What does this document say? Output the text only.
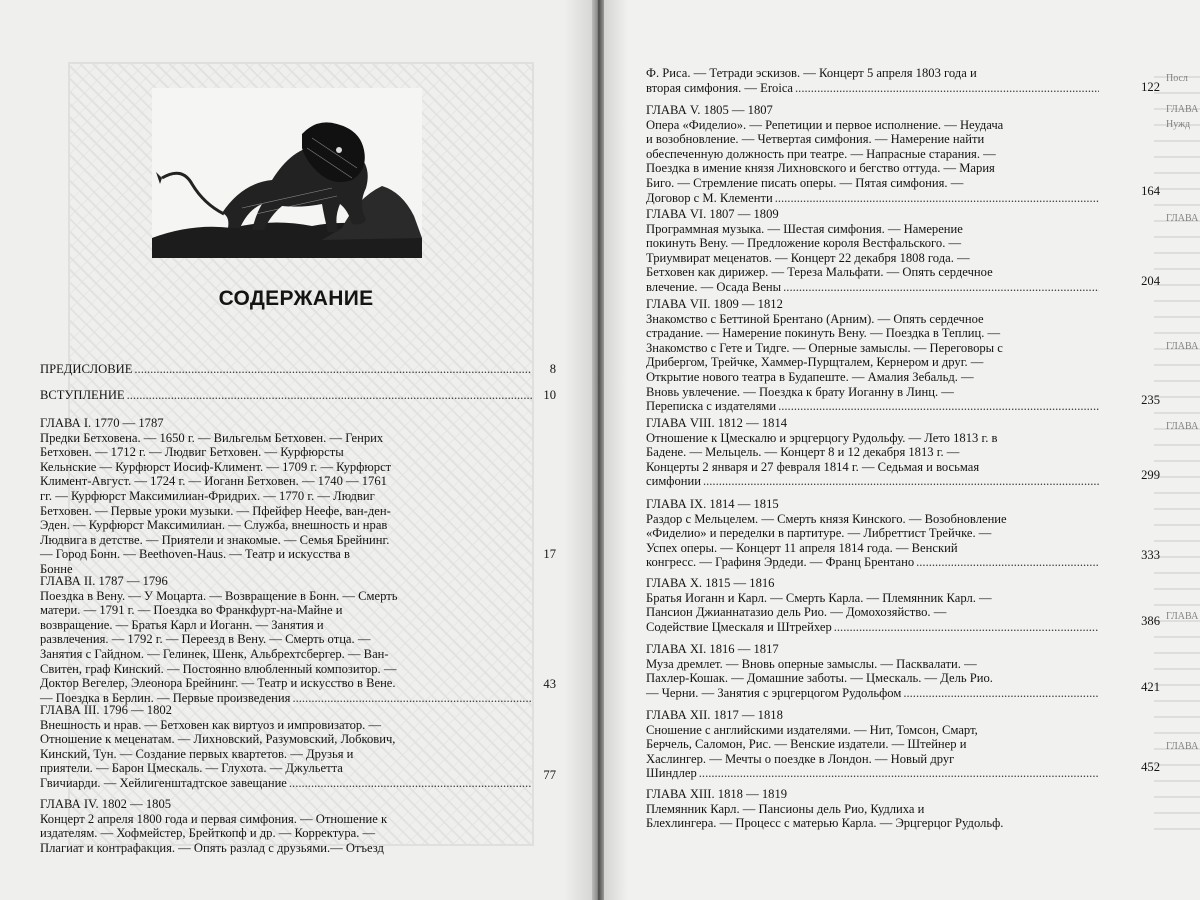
СОДЕРЖАНИЕ
ПРЕДИСЛОВИЕ
.....
ВСТУПЛЕНИЕ
.....
ГЛАВА I. 1770 — 1787
Предки Бетховена. — 1650 г. — Вильгельм Бетховен. — Генрих
Бетховен. — 1712 г. — Людвиг Бетховен. — Курфюрсты
Кельнские — Курфюрст Иосиф-Климент. — 1709 г. — Курфюрст
Климент-Август. — 1724 г. — Иоганн Бетховен. — 1740 — 1761
гг. — Курфюрст Максимилиан-Фридрих. — 1770 г. — Людвиг
Бетховен. — Первые уроки музыки. — Пфейфер Неефе, ван-ден-
Эден. — Курфюрст Максимилиан. — Служба, внешность и нрав
Людвига в детстве. — Приятели и знакомые. — Семья Брейнинг.
— Город Бонн. — Beethoven-Haus. — Театр и искусства в
Бонне
ГЛАВА II. 1787 — 1796
Поездка в Вену. — У Моцарта. — Возвращение в Бонн. — Смерть
матери. — 1791 г. — Поездка во Франкфурт-на-Майне и
возвращение. — Братья Карл и Иоганн. — Занятия и
развлечения. — 1792 г. — Переезд в Вену. — Смерть отца. —
Занятия с Гайдном. — Гелинек, Шенк, Альбрехтсбергер. — Ван-
Свитен, граф Кинский. — Постоянно влюбленный композитор. —
Доктор Вегелер, Элеонора Брейнинг. — Театр и искусство в Вене.
— Поездка в Берлин. — Первые произведения
.....
ГЛАВА III. 1796 — 1802
Внешность и нрав. — Бетховен как виртуоз и импровизатор. —
Отношение к меценатам. — Лихновский, Разумовский, Лобкович,
Кинский, Тун. — Создание первых квартетов. — Друзья и
приятели. — Барон Цмескаль. — Глухота. — Джульетта
Гвичиарди. — Хейлигенштадтское завещание
.....
ГЛАВА IV. 1802 — 1805
Концерт 2 апреля 1800 года и первая симфония. — Отношение к
издателям. — Хофмейстер, Брейткопф и др. — Корректура. —
Плагиат и контрафакция. — Опять разлад с друзьями.— Отъезд
8
10
17
43
77
Ф. Риса. — Тетради эскизов. — Концерт 5 апреля 1803 года и
вторая симфония. — Eroica
.....
ГЛАВА V. 1805 — 1807
Опера «Фиделио». — Репетиции и первое исполнение. — Неудача
и возобновление. — Четвертая симфония. — Намерение найти
обеспеченную должность при театре. — Напрасные старания. —
Поездка в имение князя Лихновского и бегство оттуда. — Мария
Биго. — Стремление писать оперы. — Пятая симфония. —
Договор с М. Клементи
.....
ГЛАВА VI. 1807 — 1809
Программная музыка. — Шестая симфония. — Намерение
покинуть Вену. — Предложение короля Вестфальского. —
Триумвират меценатов. — Концерт 22 декабря 1808 года. —
Бетховен как дирижер. — Тереза Мальфати. — Опять сердечное
влечение. — Осада Вены
.....
ГЛАВА VII. 1809 — 1812
Знакомство с Беттиной Брентано (Арним). — Опять сердечное
страдание. — Намерение покинуть Вену. — Поездка в Теплиц. —
Знакомство с Гете и Тидге. — Оперные замыслы. — Переговоры с
Дрибергом, Трейчке, Хаммер-Пурщталем, Кернером и друг. —
Открытие нового театра в Будапеште. — Амалия Зебальд. —
Вновь увлечение. — Поездка к брату Иоганну в Линц. —
Переписка с издателями
.....
ГЛАВА VIII. 1812 — 1814
Отношение к Цмескалю и эрцгерцогу Рудольфу. — Лето 1813 г. в
Бадене. — Мельцель. — Концерт 8 и 12 декабря 1813 г. —
Концерты 2 января и 27 февраля 1814 г. — Седьмая и восьмая
симфонии
.....
ГЛАВА IX. 1814 — 1815
Раздор с Мельцелем. — Смерть князя Кинского. — Возобновление
«Фиделио» и переделки в партитуре. — Либреттист Трейчке. —
Успех оперы. — Концерт 11 апреля 1814 года. — Венский
конгресс. — Графиня Эрдеди. — Франц Брентано
.....
ГЛАВА X. 1815 — 1816
Братья Иоганн и Карл. — Смерть Карла. — Племянник Карл. —
Пансион Джианнатазио дель Рио. — Домохозяйство. —
Содействие Цмескаля и Штрейхер
.....
ГЛАВА XI. 1816 — 1817
Муза дремлет. — Вновь оперные замыслы. — Пасквалати. —
Пахлер-Кошак. — Домашние заботы. — Цмескаль. — Дель Рио.
— Черни. — Занятия с эрцгерцогом Рудольфом
.....
ГЛАВА XII. 1817 — 1818
Сношение с английскими издателями. — Нит, Томсон, Смарт,
Берчель, Саломон, Рис. — Венские издатели. — Штейнер и
Хаслингер. — Мечты о поездке в Лондон. — Новый друг
Шиндлер
.....
ГЛАВА XIII. 1818 — 1819
Племянник Карл. — Пансионы дель Рио, Кудлиха и
Блехлингера. — Процесс с матерью Карла. — Эрцгерцог Рудольф.
122
164
204
235
299
333
386
421
452
Посл
ГЛАВА
Нужд
ГЛАВА
ГЛАВА
ГЛАВА
ГЛАВА
ГЛАВА
